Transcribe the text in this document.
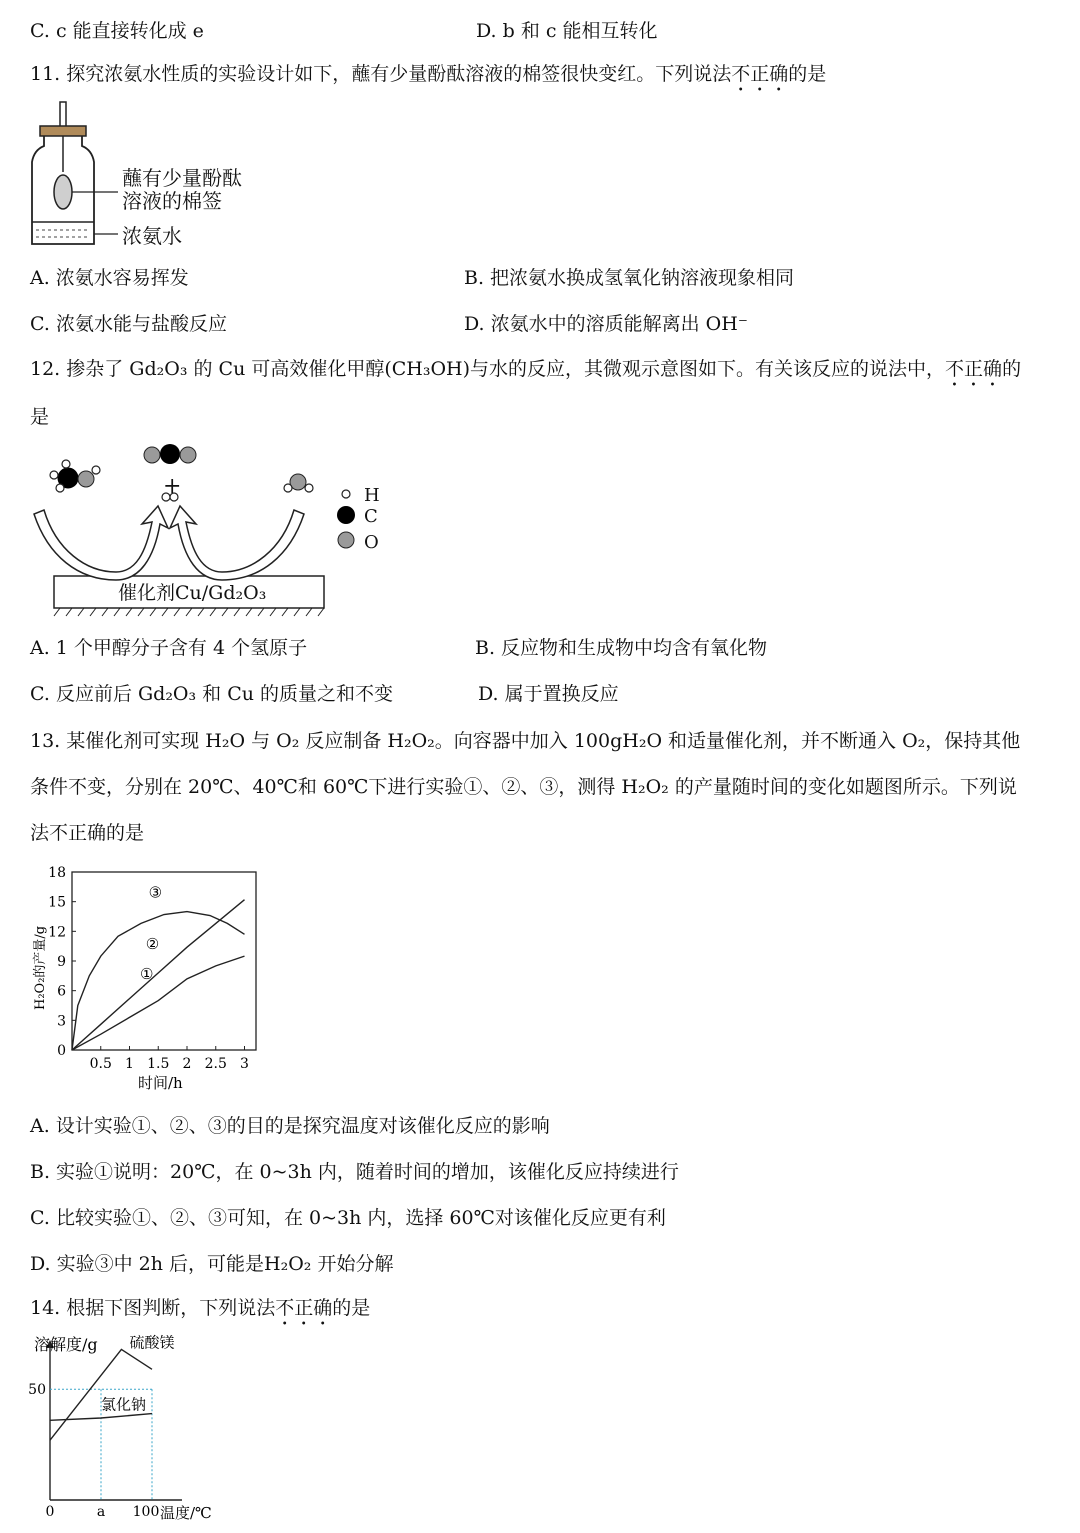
C. c 能直接转化成 e	D. b 和 c 能相互转化
11. 探究浓氨水性质的实验设计如下，蘸有少量酚酞溶液的棉签很快变红。下列说法不正确的是
蘸有少量酚酞
溶液的棉签
浓氨水
A. 浓氨水容易挥发	B. 把浓氨水换成氢氧化钠溶液现象相同
C. 浓氨水能与盐酸反应	D. 浓氨水中的溶质能解离出 OH⁻
12. 掺杂了 Gd₂O₃ 的 Cu 可高效催化甲醇(CH₃OH)与水的反应，其微观示意图如下。有关该反应的说法中，不正确的
是
+	H
C
O
催化剂Cu/Gd₂O₃
A. 1 个甲醇分子含有 4 个氢原子	B. 反应物和生成物中均含有氧化物
C. 反应前后 Gd₂O₃ 和 Cu 的质量之和不变	D. 属于置换反应
13. 某催化剂可实现 H₂O 与 O₂ 反应制备 H₂O₂。向容器中加入 100gH₂O 和适量催化剂，并不断通入 O₂，保持其他
条件不变，分别在 20℃、40℃和 60℃下进行实验①、②、③，测得 H₂O₂ 的产量随时间的变化如题图所示。下列说
法不正确的是
0
3
6
9
12
15
18
0.5 1 1.5 2 2.5 3
①
②
③
H₂O₂的产量/g
时间/h
A. 设计实验①、②、③的目的是探究温度对该催化反应的影响
B. 实验①说明：20℃，在 0~3h 内，随着时间的增加，该催化反应持续进行
C. 比较实验①、②、③可知，在 0~3h 内，选择 60℃对该催化反应更有利
D. 实验③中 2h 后，可能是H₂O₂ 开始分解
14. 根据下图判断，下列说法不正确的是
硫酸镁
氯化钠
50
0	a 100
溶解度/g
温度/℃
